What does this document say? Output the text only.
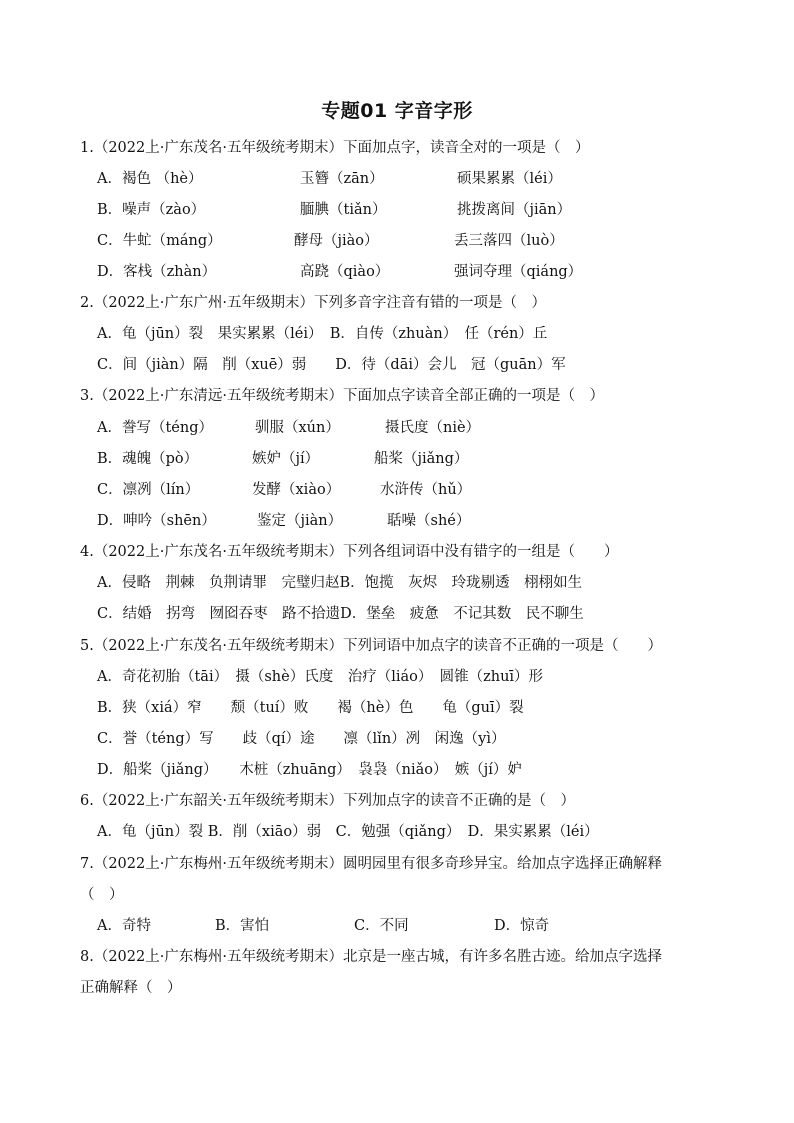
专题01 字音字形
1.（2022上·广东茂名·五年级统考期末）下面加点字，读音全对的一项是（　）
A．褐色 （hè）	玉簪（zān）	硕果累累（léi）
B．噪声（zào）	腼腆（tiǎn）	挑拨离间（jiān）
C．牛虻（máng）	酵母（jiào）	丢三落四（luò）
D．客栈（zhàn）	高跷（qiào）	强词夺理（qiáng）
2.（2022上·广东广州·五年级期末）下列多音字注音有错的一项是（　）
A．龟（jūn）裂　果实累累（léi）　B．自传（zhuàn）　任（rén）丘
C．间（jiàn）隔　削（xuē）弱　　D．待（dāi）会儿　冠（guān）军
3.（2022上·广东清远·五年级统考期末）下面加点字读音全部正确的一项是（　）
A．誊写（téng）	驯服（xún）	摄氏度（niè）
B．魂魄（pò）	嫉妒（jí）	船桨（jiǎng）
C．凛冽（lín）	发酵（xiào）	水浒传（hǔ）
D．呻吟（shēn）	鉴定（jiàn）	聒噪（shé）
4.（2022上·广东茂名·五年级统考期末）下列各组词语中没有错字的一组是（　　）
A．侵略　荆棘　负荆请罪　完璧归赵B．饱揽　灰烬　玲珑剔透　栩栩如生
C．结婚　拐弯　囫囵吞枣　路不拾遗D．堡垒　疲惫　不记其数　民不聊生
5.（2022上·广东茂名·五年级统考期末）下列词语中加点字的读音不正确的一项是（　　）
A．奇花初胎（tāi）　摄（shè）氏度　治疗（liáo）　圆锥（zhuī）形
B．狭（xiá）窄　　颓（tuí）败　　褐（hè）色　　龟（guī）裂
C．誉（téng）写　　歧（qí）途　　凛（lǐn）冽　闲逸（yì）
D．船桨（jiǎng）　　木桩（zhuāng）　袅袅（niǎo）　嫉（jí）妒
6.（2022上·广东韶关·五年级统考期末）下列加点字的读音不正确的是（　）
A．龟（jūn）裂 B．削（xiāo）弱　C．勉强（qiǎng）　D．果实累累（léi）
7.（2022上·广东梅州·五年级统考期末）圆明园里有很多奇珍异宝。给加点字选择正确解释
（　）
A．奇特	B．害怕	C．不同	D．惊奇
8.（2022上·广东梅州·五年级统考期末）北京是一座古城，有许多名胜古迹。给加点字选择
正确解释（　）
